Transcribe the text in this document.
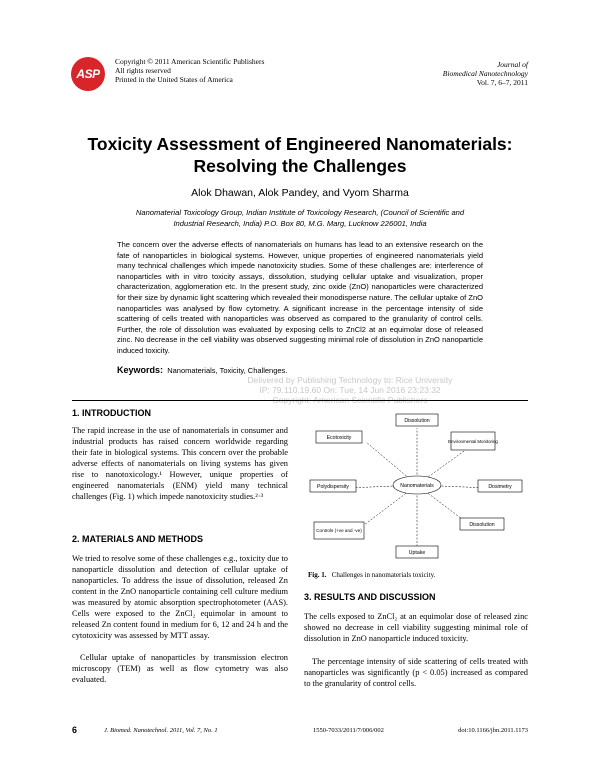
ASP
Copyright © 2011 American Scientific Publishers
All rights reserved
Printed in the United States of America
Journal of
Biomedical Nanotechnology
Vol. 7, 6–7, 2011
Toxicity Assessment of Engineered Nanomaterials:
Resolving the Challenges
Alok Dhawan, Alok Pandey, and Vyom Sharma
Nanomaterial Toxicology Group, Indian Institute of Toxicology Research, (Council of Scientific and
Industrial Research, India) P.O. Box 80, M.G. Marg, Lucknow 226001, India
The concern over the adverse effects of nanomaterials on humans has lead to an extensive research on the fate of nanoparticles in biological systems. However, unique properties of engineered nanomaterials yield many technical challenges which impede nanotoxicity studies. Some of these challenges are: interference of nanoparticles with in vitro toxicity assays, dissolution, studying cellular uptake and visualization, proper characterization, agglomeration etc. In the present study, zinc oxide (ZnO) nanoparticles were characterized for their size by dynamic light scattering which revealed their monodisperse nature. The cellular uptake of ZnO nanoparticles was analysed by flow cytometry. A significant increase in the percentage intensity of side scattering of cells treated with nanoparticles was observed as compared to the granularity of control cells. Further, the role of dissolution was evaluated by exposing cells to ZnCl2 at an equimolar dose of released zinc. No decrease in the cell viability was observed suggesting minimal role of dissolution in ZnO nanoparticle induced toxicity.
Keywords: Nanomaterials, Toxicity, Challenges.
Delivered by Publishing Technology to: Rice University
IP: 79.110.19.60 On: Tue, 14 Jun 2016 23:23:32
Copyright: American Scientific Publishers
1. INTRODUCTION
The rapid increase in the use of nanomaterials in consumer and industrial products has raised concern worldwide regarding their fate in biological systems. This concern over the probable adverse effects of nanomaterials on living systems has given rise to nanotoxicology.¹ However, unique properties of engineered nanomaterials (ENM) yield many technical challenges (Fig. 1) which impede nanotoxicity studies.²·³
2. MATERIALS AND METHODS
We tried to resolve some of these challenges e.g., toxicity due to nanoparticle dissolution and detection of cellular uptake of nanoparticles. To address the issue of dissolution, released Zn content in the ZnO nanoparticle containing cell culture medium was measured by atomic absorption spectrophotometer (AAS). Cells were exposed to the ZnCl₂ equimolar in amount to released Zn content found in medium for 6, 12 and 24 h and the cytotoxicity was assessed by MTT assay.
Cellular uptake of nanoparticles by transmission electron microscopy (TEM) as well as flow cytometry was also evaluated.
Nanomaterials
Dissolution
Environmental Monitoring
Ecotoxicity
Polydispersity	Dosimetry
Controls (+ve and -ve)
Dissolution
Uptake
Fig. 1. Challenges in nanomaterials toxicity.
3. RESULTS AND DISCUSSION
The cells exposed to ZnCl₂ at an equimolar dose of released zinc showed no decrease in cell viability suggesting minimal role of dissolution in ZnO nanoparticle induced toxicity.
The percentage intensity of side scattering of cells treated with nanoparticles was significantly (p < 0.05) increased as compared to the granularity of control cells.
6	J. Biomed. Nanotechnol. 2011, Vol. 7, No. 1	1550-7033/2011/7/006/002	doi:10.1166/jbn.2011.1173
